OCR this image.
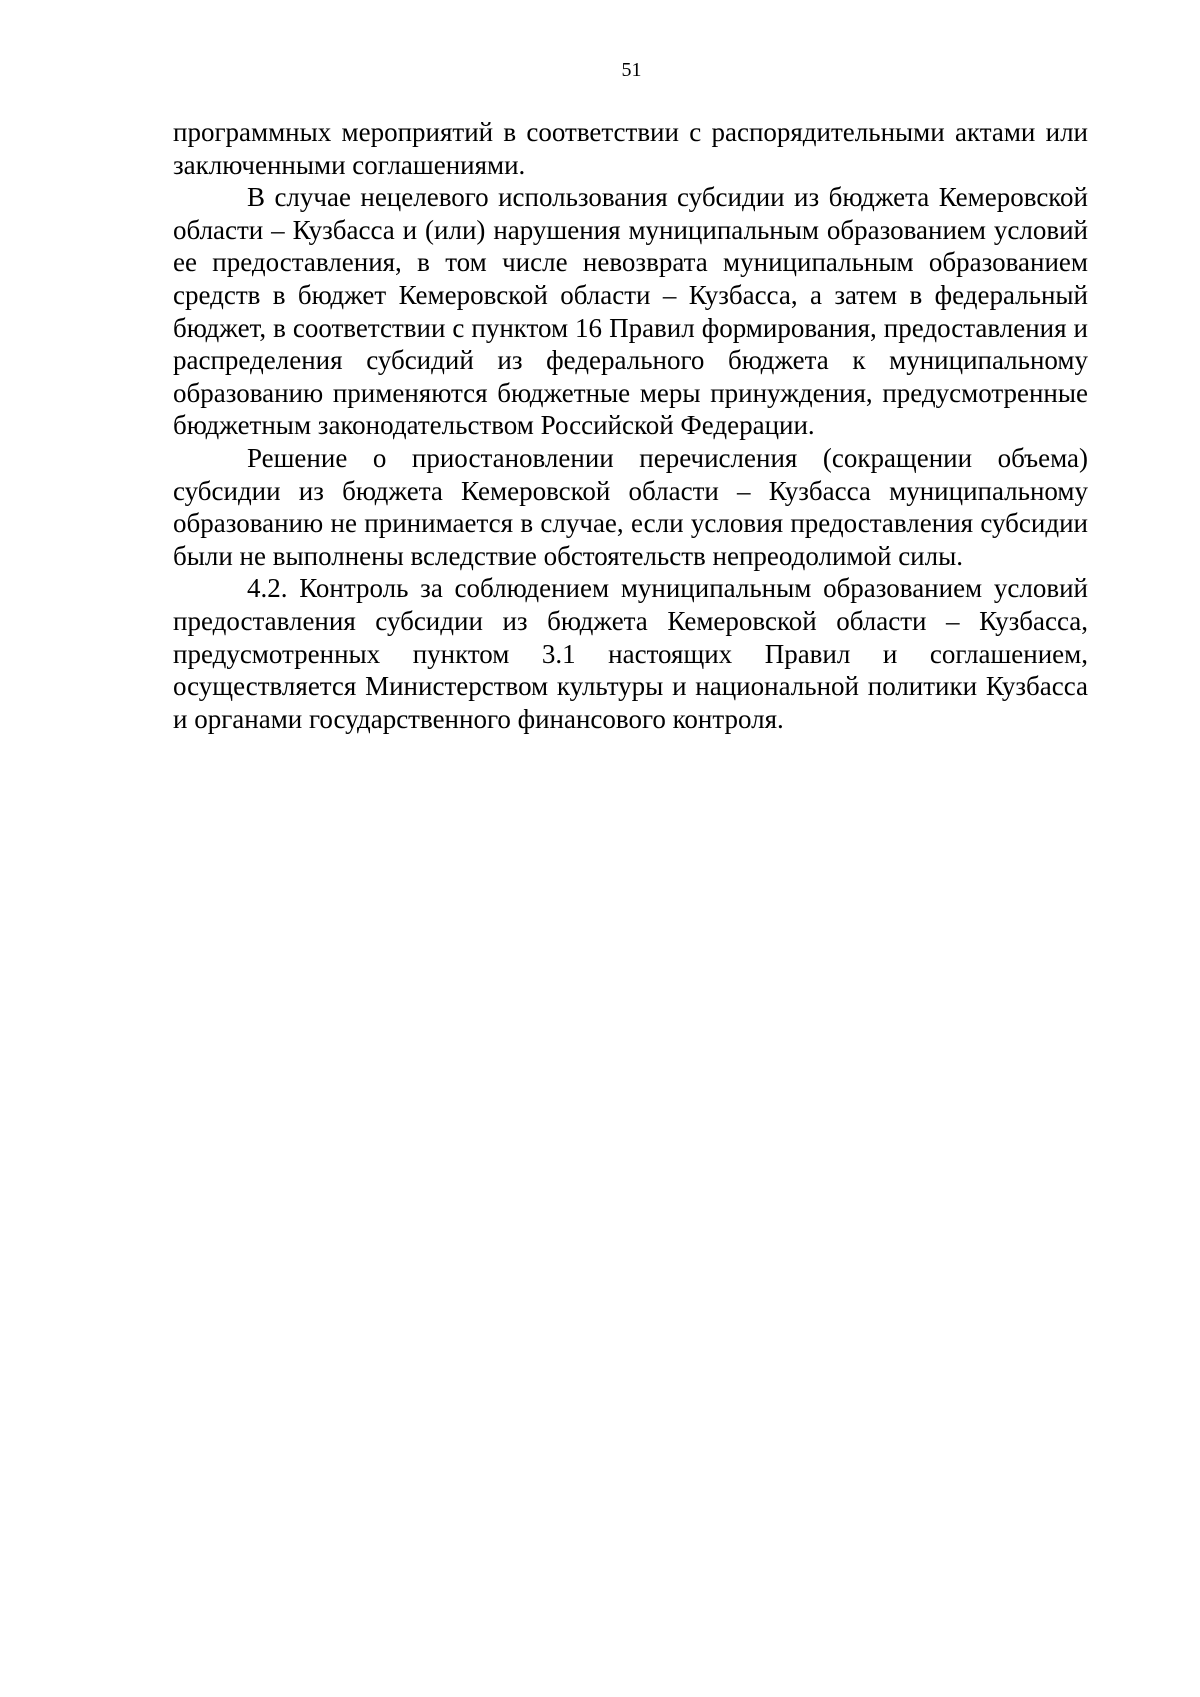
51

программных мероприятий в соответствии с распорядительными актами или заключенными соглашениями.

В случае нецелевого использования субсидии из бюджета Кемеровской области – Кузбасса и (или) нарушения муниципальным образованием условий ее предоставления, в том числе невозврата муниципальным образованием средств в бюджет Кемеровской области – Кузбасса, а затем в федеральный бюджет, в соответствии с пунктом 16 Правил формирования, предоставления и распределения субсидий из федерального бюджета к муниципальному образованию применяются бюджетные меры принуждения, предусмотренные бюджетным законодательством Российской Федерации.

Решение о приостановлении перечисления (сокращении объема) субсидии из бюджета Кемеровской области – Кузбасса муниципальному образованию не принимается в случае, если условия предоставления субсидии были не выполнены вследствие обстоятельств непреодолимой силы.

4.2. Контроль за соблюдением муниципальным образованием условий предоставления субсидии из бюджета Кемеровской области – Кузбасса, предусмотренных пунктом 3.1 настоящих Правил и соглашением, осуществляется Министерством культуры и национальной политики Кузбасса и органами государственного финансового контроля.
